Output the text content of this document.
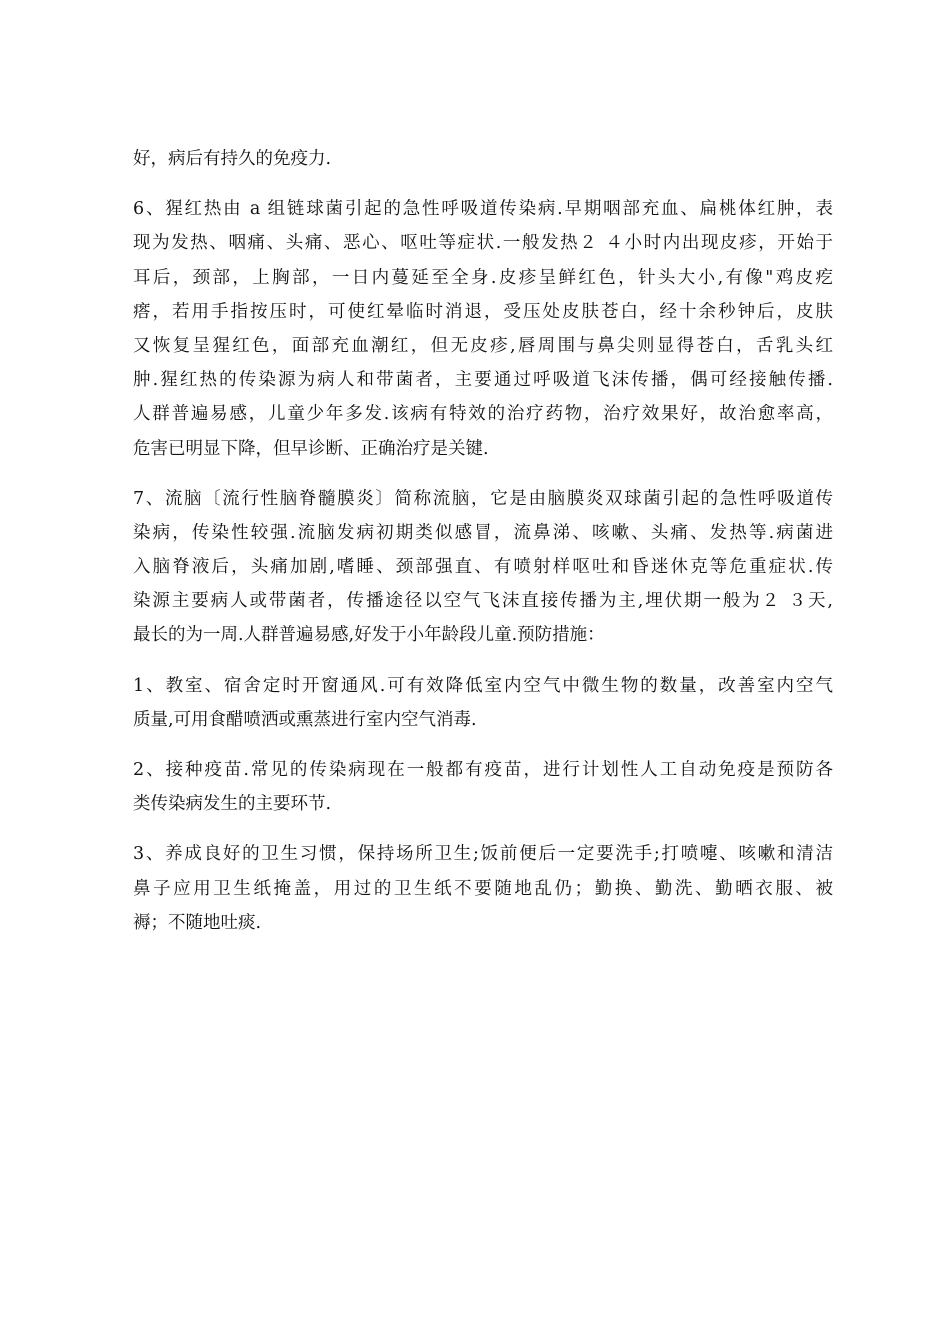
好，病后有持久的免疫力.
6、猩红热由 a 组链球菌引起的急性呼吸道传染病.早期咽部充血、扁桃体红肿，表
现为发热、咽痛、头痛、恶心、呕吐等症状.一般发热２ ４小时内出现皮疹，开始于
耳后，颈部，上胸部，一日内蔓延至全身.皮疹呈鲜红色，针头大小,有像"鸡皮疙
瘩，若用手指按压时，可使红晕临时消退，受压处皮肤苍白，经十余秒钟后，皮肤
又恢复呈猩红色，面部充血潮红，但无皮疹,唇周围与鼻尖则显得苍白，舌乳头红
肿.猩红热的传染源为病人和带菌者，主要通过呼吸道飞沫传播，偶可经接触传播.
人群普遍易感，儿童少年多发.该病有特效的治疗药物，治疗效果好，故治愈率高，
危害已明显下降，但早诊断、正确治疗是关键.
7、流脑〔流行性脑脊髓膜炎〕简称流脑，它是由脑膜炎双球菌引起的急性呼吸道传
染病，传染性较强.流脑发病初期类似感冒，流鼻涕、咳嗽、头痛、发热等.病菌进
入脑脊液后，头痛加剧,嗜睡、颈部强直、有喷射样呕吐和昏迷休克等危重症状.传
染源主要病人或带菌者，传播途径以空气飞沫直接传播为主,埋伏期一般为２ ３天,
最长的为一周.人群普遍易感,好发于小年龄段儿童.预防措施：
1、教室、宿舍定时开窗通风.可有效降低室内空气中微生物的数量，改善室内空气
质量,可用食醋喷洒或熏蒸进行室内空气消毒.
2、接种疫苗.常见的传染病现在一般都有疫苗，进行计划性人工自动免疫是预防各
类传染病发生的主要环节.
3、养成良好的卫生习惯，保持场所卫生;饭前便后一定要洗手;打喷嚏、咳嗽和清洁
鼻子应用卫生纸掩盖，用过的卫生纸不要随地乱仍；勤换、勤洗、勤晒衣服、被
褥；不随地吐痰.
